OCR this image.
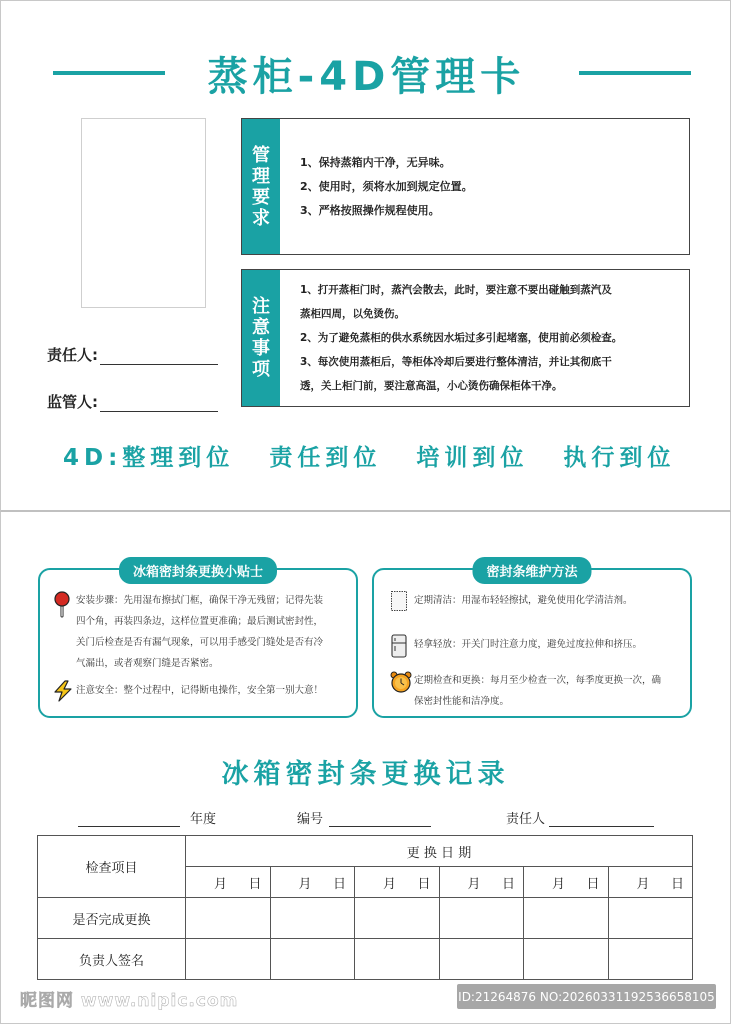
蒸柜-4D管理卡
责任人:
监管人:
管
理
要
求

1、保持蒸箱内干净，无异味。

2、使用时，须将水加到规定位置。

3、严格按照操作规程使用。

注
意
事
项

1、打开蒸柜门时，蒸汽会散去，此时，要注意不要出碰触到蒸汽及

蒸柜四周，以免烫伤。

2、为了避免蒸柜的供水系统因水垢过多引起堵塞，使用前必须检查。

3、每次使用蒸柜后，等柜体冷却后要进行整体清洁，并让其彻底干

透，关上柜门前，要注意高温，小心烫伤确保柜体干净。

4D:整理到位 责任到位 培训到位 执行到位
冰箱密封条更换小贴士
安装步骤：先用湿布擦拭门框，确保干净无残留；记得先装
四个角，再装四条边，这样位置更准确；最后测试密封性，
关门后检查是否有漏气现象，可以用手感受门缝处是否有冷
气漏出，或者观察门缝是否紧密。
注意安全：整个过程中，记得断电操作，安全第一别大意！
密封条维护方法
定期清洁：用湿布轻轻擦拭，避免使用化学清洁剂。
轻拿轻放：开关门时注意力度，避免过度拉伸和挤压。
定期检查和更换：每月至少检查一次，每季度更换一次，确
保密封性能和洁净度。
冰箱密封条更换记录
年度	编号	责任人
检查项目	更 换 日 期					

	月 日	月 日	月 日	月 日	月 日	月 日

是否完成更换						
负责人签名						
昵图网 www.nipic.com	ID:21264876 NO:20260331192536658105
